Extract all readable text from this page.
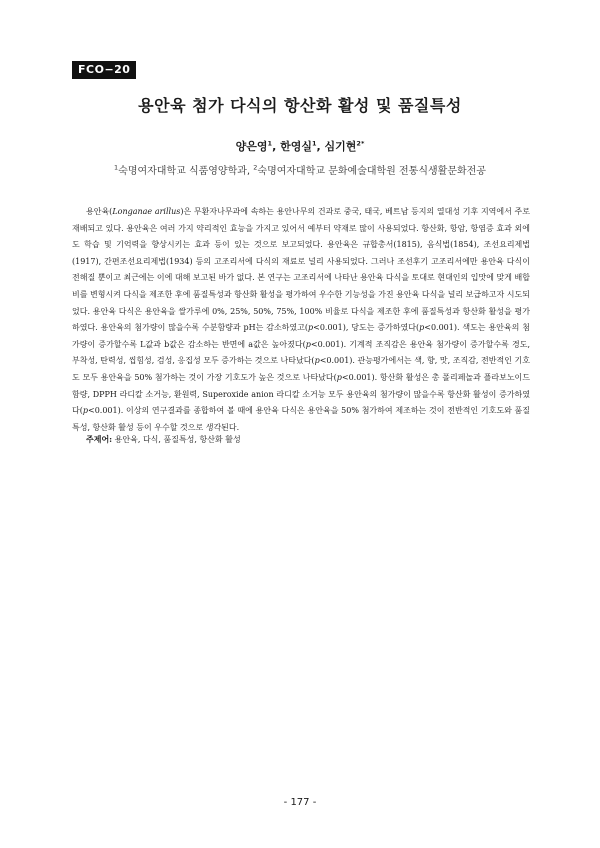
FCO−20
용안육 첨가 다식의 항산화 활성 및 품질특성
양은영$^1$, 한영실$^1$, 심기현$^{2*}$
$^1$숙명여자대학교 식품영양학과, $^2$숙명여자대학교 문화예술대학원 전통식생활문화전공
용안육(Longanae arillus)은 무환자나무과에 속하는 용안나무의 건과로 중국, 태국, 베트남 등지의 열대성 기후 지역에서 주로 재배되고 있다. 용안육은 여러 가지 약리적인 효능을 가지고 있어서 예부터 약재로 많이 사용되었다. 항산화, 항암, 항염증 효과 외에도 학습 및 기억력을 향상시키는 효과 등이 있는 것으로 보고되었다. 용안육은 규합총서(1815), 음식법(1854), 조선요리제법(1917), 간편조선요리제법(1934) 등의 고조리서에 다식의 재료로 널리 사용되었다. 그러나 조선후기 고조리서에만 용안육 다식이 전해질 뿐이고 최근에는 이에 대해 보고된 바가 없다. 본 연구는 고조리서에 나타난 용안육 다식을 토대로 현대인의 입맛에 맞게 배합비를 변형시켜 다식을 제조한 후에 품질특성과 항산화 활성을 평가하여 우수한 기능성을 가진 용안육 다식을 널리 보급하고자 시도되었다. 용안육 다식은 용안육을 쌀가루에 0%, 25%, 50%, 75%, 100% 비율로 다식을 제조한 후에 품질특성과 항산화 활성을 평가하였다. 용안육의 첨가량이 많을수록 수분함량과 pH는 감소하였고(p<0.001), 당도는 증가하였다(p<0.001). 색도는 용안육의 첨가량이 증가할수록 L값과 b값은 감소하는 반면에 a값은 높아졌다(p<0.001). 기계적 조직감은 용안육 첨가량이 증가할수록 경도, 부착성, 탄력성, 씹힘성, 검성, 응집성 모두 증가하는 것으로 나타났다(p<0.001). 관능평가에서는 색, 향, 맛, 조직감, 전반적인 기호도 모두 용안육을 50% 첨가하는 것이 가장 기호도가 높은 것으로 나타났다(p<0.001). 항산화 활성은 총 폴리페놀과 플라보노이드 함량, DPPH 라디칼 소거능, 환원력, Superoxide anion 라디칼 소거능 모두 용안육의 첨가량이 많을수록 항산화 활성이 증가하였다(p<0.001). 이상의 연구결과를 종합하여 볼 때에 용안육 다식은 용안육을 50% 첨가하여 제조하는 것이 전반적인 기호도와 품질특성, 항산화 활성 등이 우수할 것으로 생각된다.
주제어: 용안육, 다식, 품질특성, 항산화 활성
- 177 -
